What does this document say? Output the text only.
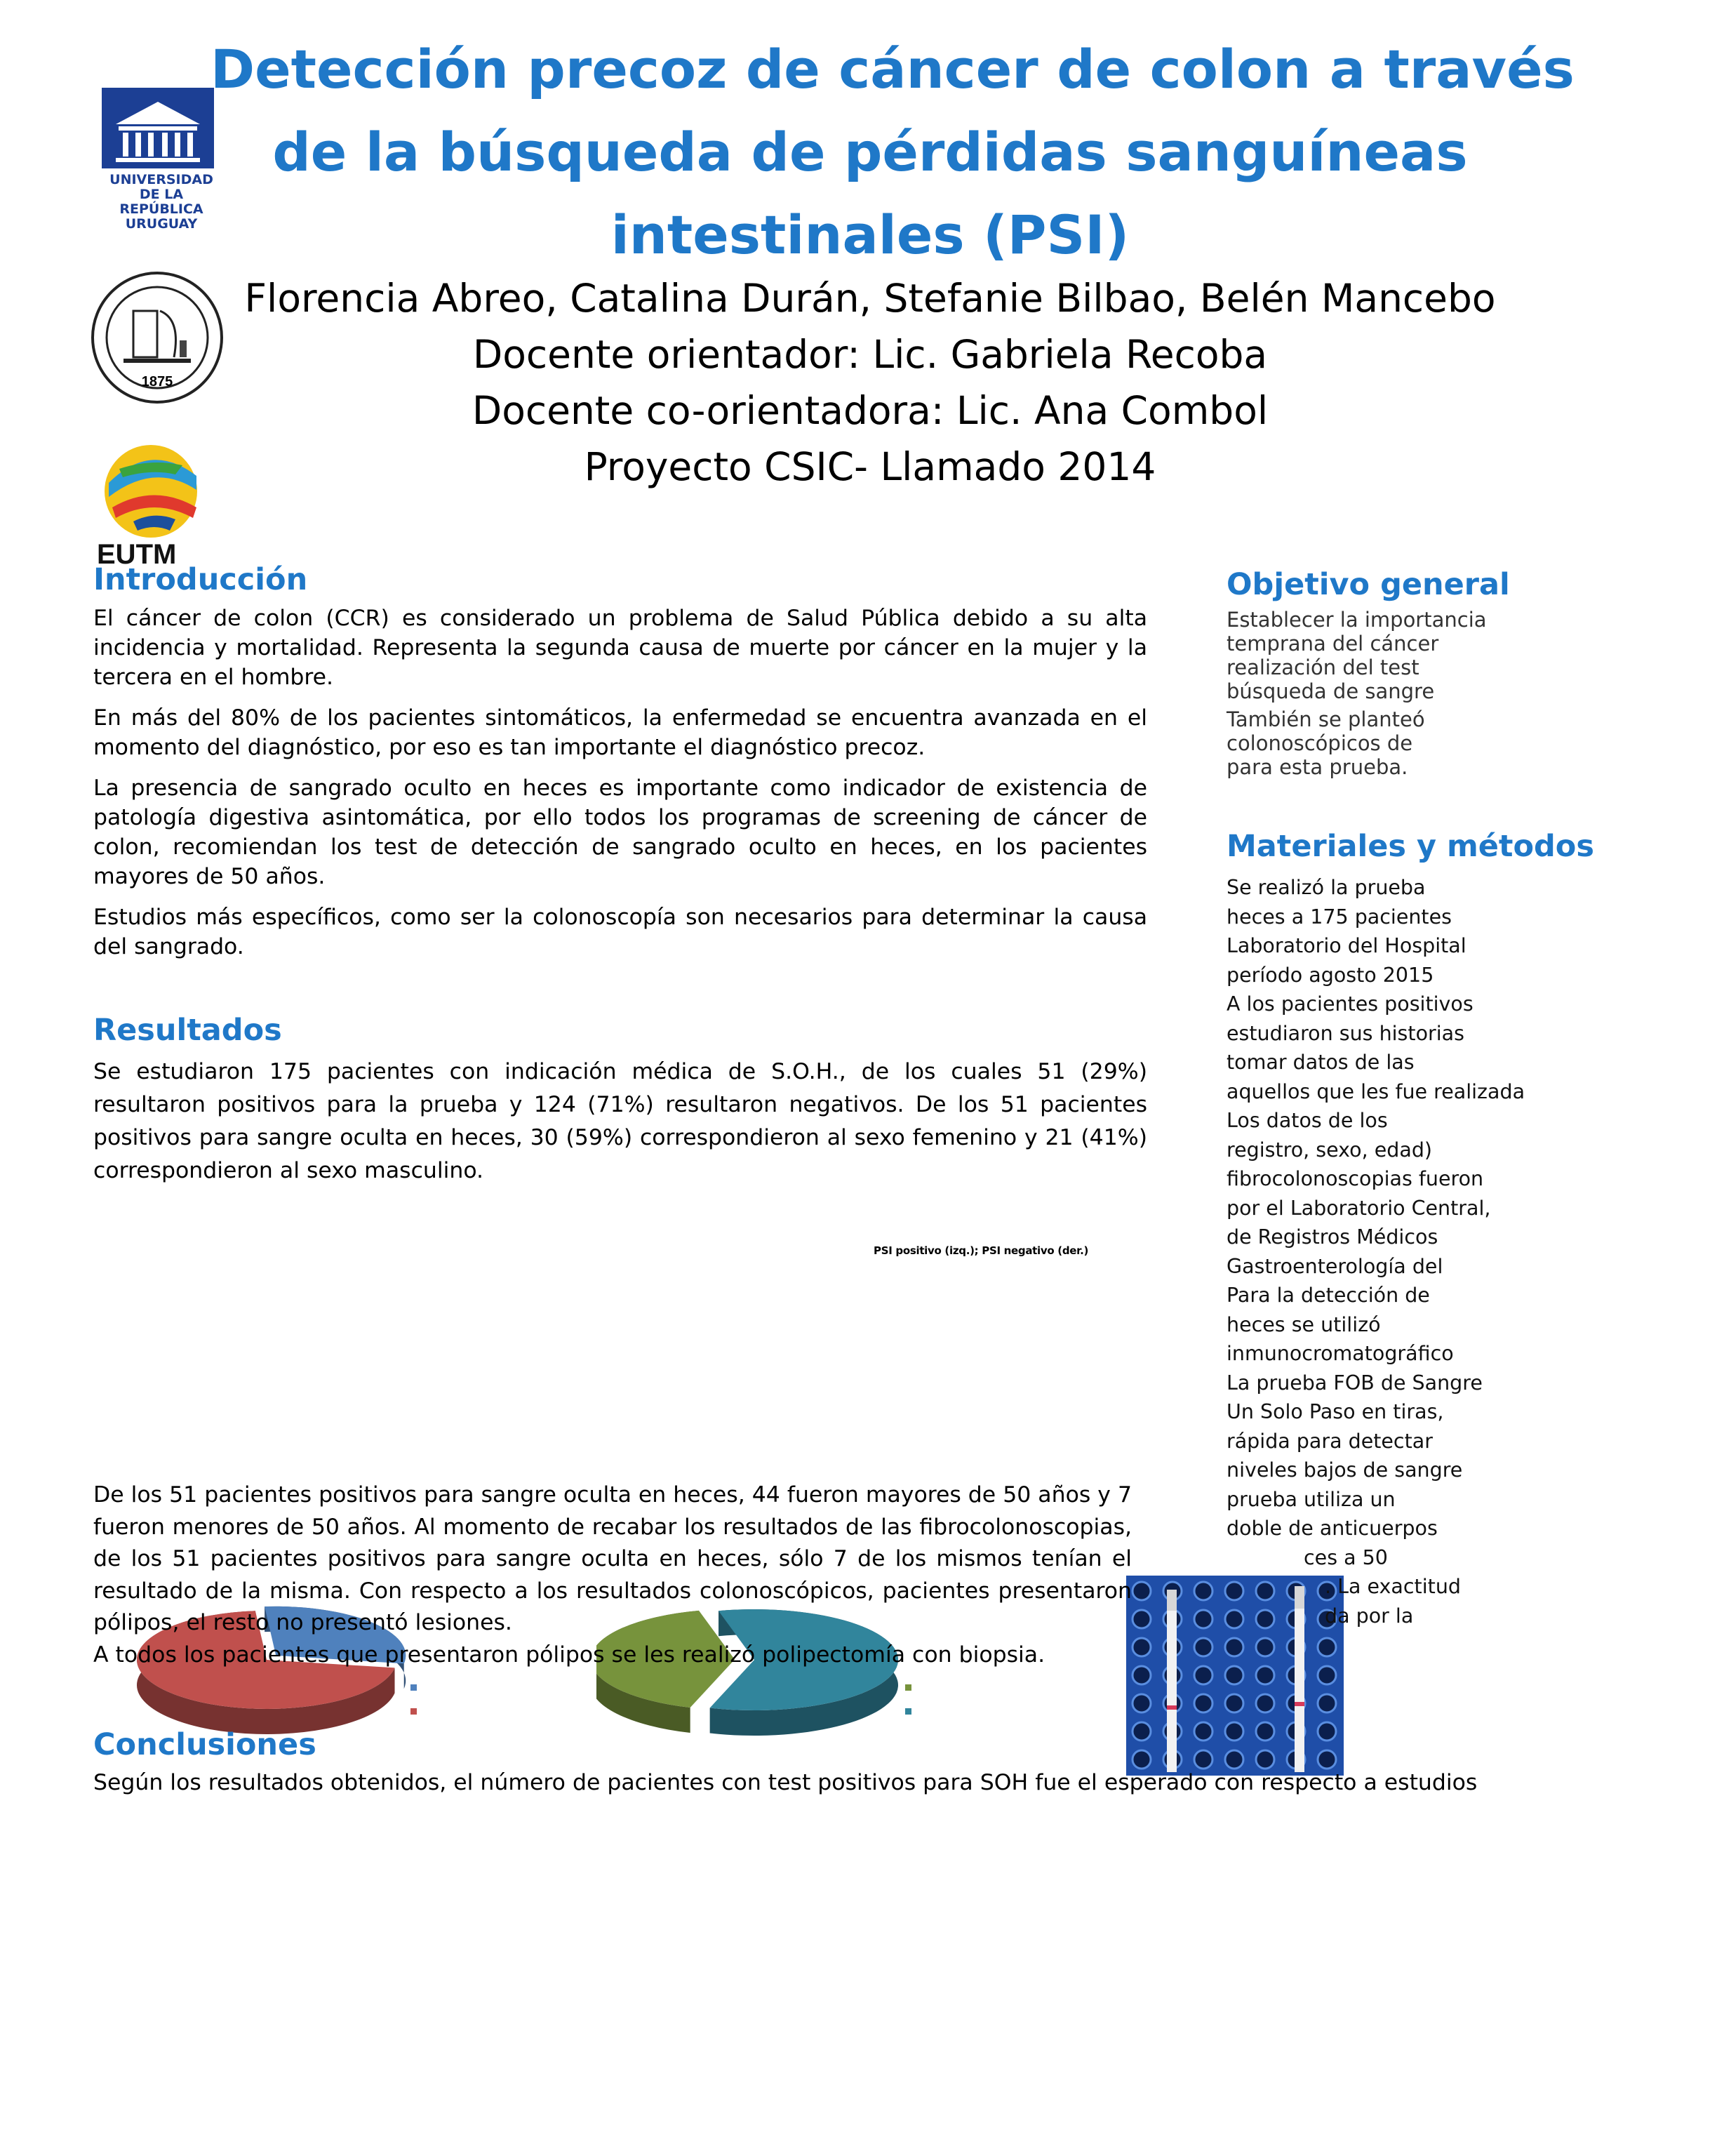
UNIVERSIDAD
DE LA REPÚBLICA
URUGUAY
1875
EUTM
Detección precoz de cáncer de colon a través
de la búsqueda de pérdidas sanguíneas
intestinales (PSI)
Florencia Abreo, Catalina Durán, Stefanie Bilbao, Belén Mancebo
Docente orientador: Lic. Gabriela Recoba
Docente co-orientadora: Lic. Ana Combol
Proyecto CSIC- Llamado 2014
Introducción

El cáncer de colon (CCR) es considerado un problema de Salud Pública debido a su alta incidencia y mortalidad. Representa la segunda causa de muerte por cáncer en la mujer y la tercera en el hombre.

En más del 80% de los pacientes sintomáticos, la enfermedad se encuentra avanzada en el momento del diagnóstico, por eso es tan importante el diagnóstico precoz.

La presencia de sangrado oculto en heces es importante como indicador de existencia de patología digestiva asintomática, por ello todos los programas de screening de cáncer de colon, recomiendan los test de detección de sangrado oculto en heces, en los pacientes mayores de 50 años.

Estudios más específicos, como ser la colonoscopía son necesarios para determinar la causa del sangrado.

Resultados

Se estudiaron 175 pacientes con indicación médica de S.O.H., de los cuales 51 (29%) resultaron positivos para la prueba y 124 (71%) resultaron negativos. De los 51 pacientes positivos para sangre oculta en heces, 30 (59%) correspondieron al sexo femenino y 21 (41%) correspondieron al sexo masculino.

PSI positivo (izq.); PSI negativo (der.)

De los 51 pacientes positivos para sangre oculta en heces, 44 fueron mayores de 50 años y 7 fueron menores de 50 años. Al momento de recabar los resultados de las fibrocolonoscopias, de los 51 pacientes positivos para sangre oculta en heces, sólo 7 de los mismos tenían el resultado de la misma. Con respecto a los resultados colonoscópicos, pacientes presentaron pólipos, el resto no presentó lesiones.

A todos los pacientes que presentaron pólipos se les realizó polipectomía con biopsia.

Conclusiones
Según los resultados obtenidos, el número de pacientes con test positivos para SOH fue el esperado con respecto a estudios
Objetivo general

Establecer la importancia
temprana del cáncer
realización del test
búsqueda de sangre

También se planteó
colonoscópicos de
para esta prueba.

Materiales y métodos
Se realizó la prueba
heces a 175 pacientes
Laboratorio del Hospital
período agosto 2015
A los pacientes positivos
estudiaron sus historias
tomar datos de las
aquellos que les fue realizada
Los datos de los
registro, sexo, edad)
fibrocolonoscopias fueron
por el Laboratorio Central,
de Registros Médicos
Gastroenterología del
Para la detección de
heces se utilizó
inmunocromatográfico
La prueba FOB de Sangre
Un Solo Paso en tiras,
rápida para detectar
niveles bajos de sangre
prueba utiliza un
doble de anticuerpos
ces a 50
. La exactitud
da por la
